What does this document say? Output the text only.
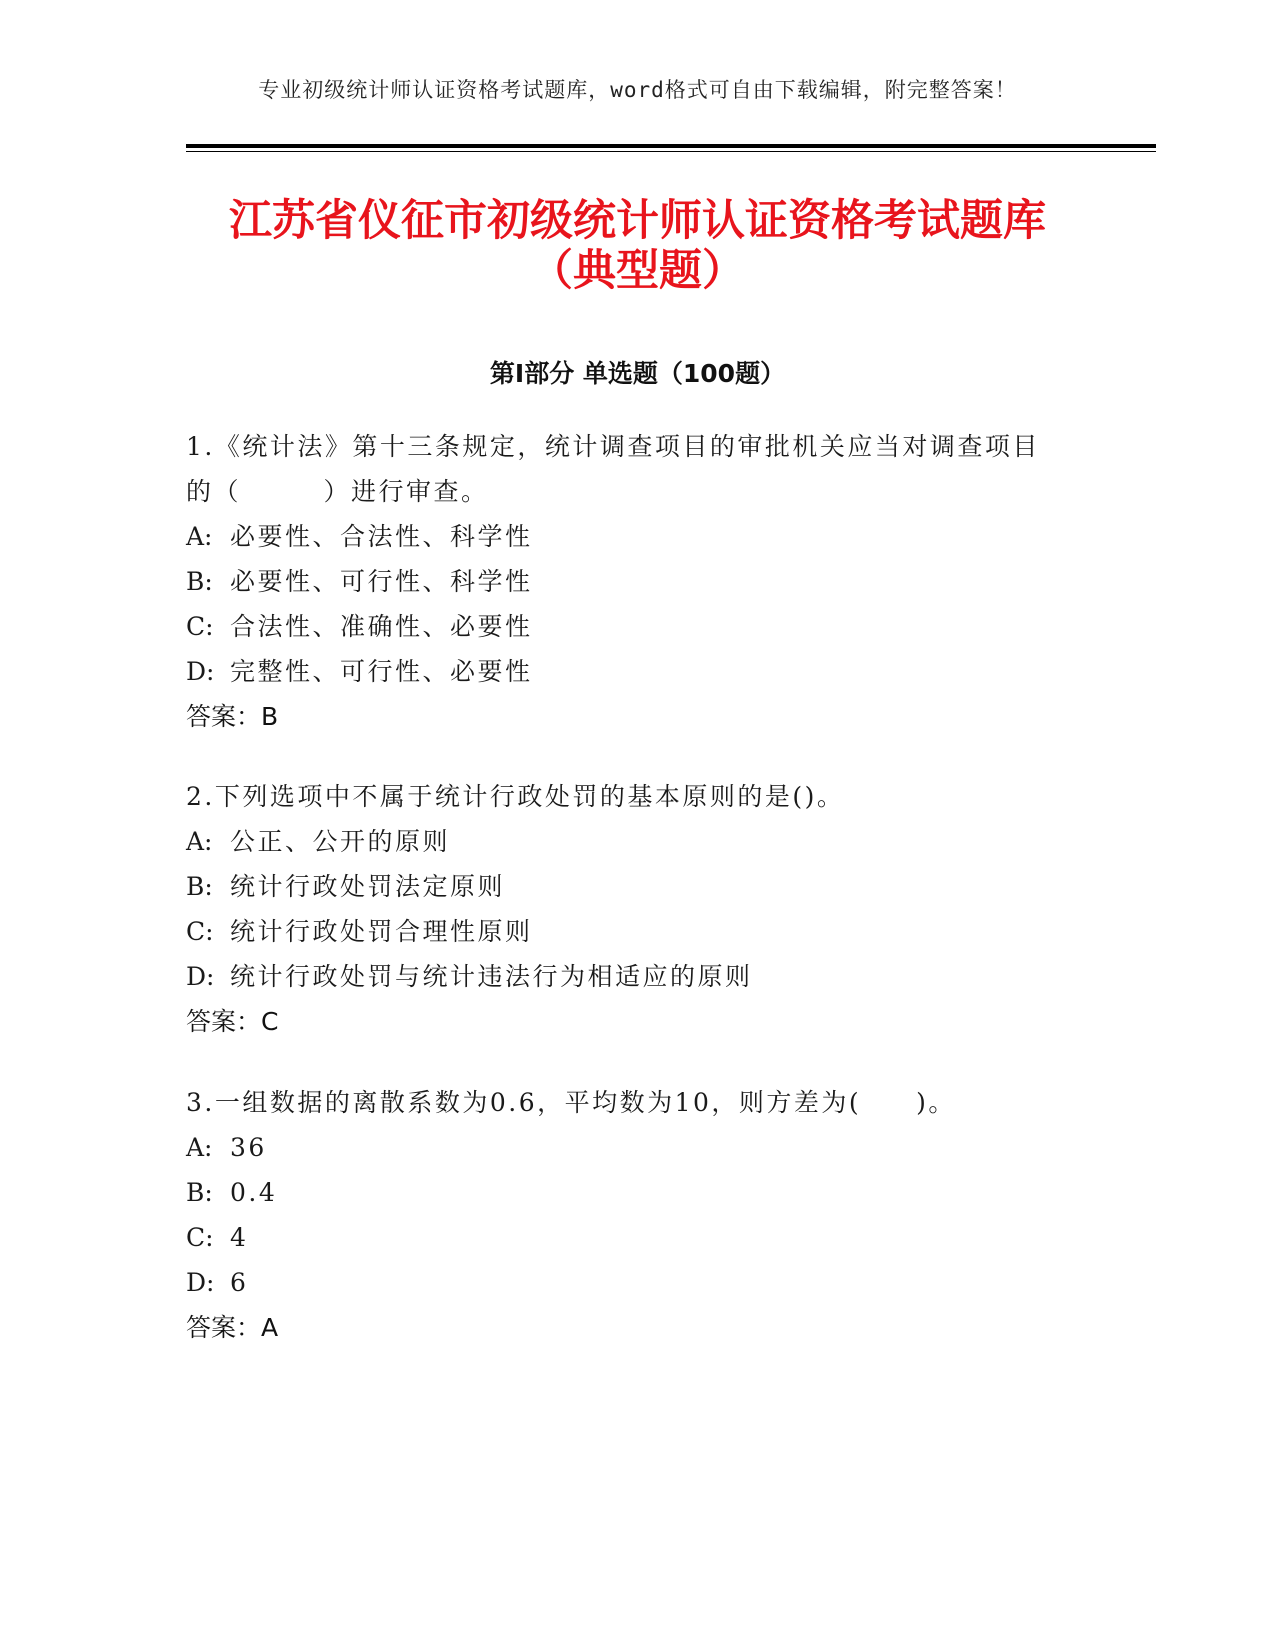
专业初级统计师认证资格考试题库，word格式可自由下载编辑，附完整答案！
江苏省仪征市初级统计师认证资格考试题库
（典型题）
第Ⅰ部分 单选题（100题）

1.《统计法》第十三条规定，统计调查项目的审批机关应当对调查项目的（　　　）进行审查。

A: 必要性、合法性、科学性

B: 必要性、可行性、科学性

C: 合法性、准确性、必要性

D: 完整性、可行性、必要性

答案：B

2.下列选项中不属于统计行政处罚的基本原则的是()。

A: 公正、公开的原则

B: 统计行政处罚法定原则

C: 统计行政处罚合理性原则

D: 统计行政处罚与统计违法行为相适应的原则

答案：C

3.一组数据的离散系数为0.6，平均数为10，则方差为(　　)。

A: 36

B: 0.4

C: 4

D: 6

答案：A
